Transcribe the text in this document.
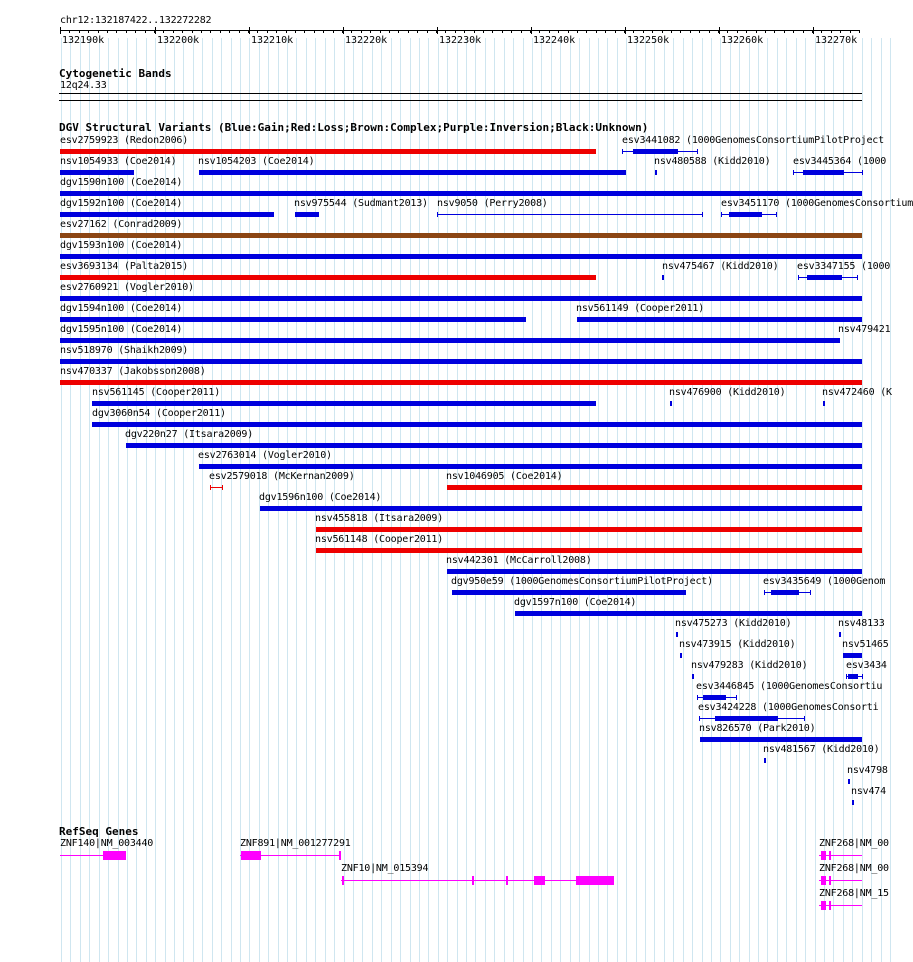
chr12:132187422..132272282
132190k	132200k	132210k	132220k	132230k	132240k	132250k	132260k	132270k
Cytogenetic Bands
12q24.33
DGV Structural Variants (Blue:Gain;Red:Loss;Brown:Complex;Purple:Inversion;Black:Unknown)
esv2759923 (Redon2006)	esv3441082 (1000GenomesConsortiumPilotProject
nsv1054933 (Coe2014) nsv1054203 (Coe2014)	nsv480588 (Kidd2010) esv3445364 (1000
dgv1590n100 (Coe2014)
dgv1592n100 (Coe2014)	nsv975544 (Sudmant2013) nsv9050 (Perry2008)	esv3451170 (1000GenomesConsortium
esv27162 (Conrad2009)
dgv1593n100 (Coe2014)
esv3693134 (Palta2015)	nsv475467 (Kidd2010) esv3347155 (1000
esv2760921 (Vogler2010)
dgv1594n100 (Coe2014)	nsv561149 (Cooper2011)
dgv1595n100 (Coe2014)	nsv479421
nsv518970 (Shaikh2009)
nsv470337 (Jakobsson2008)
nsv561145 (Cooper2011)	nsv476900 (Kidd2010)	nsv472460 (K
dgv3060n54 (Cooper2011)
dgv220n27 (Itsara2009)
esv2763014 (Vogler2010)
esv2579018 (McKernan2009)	nsv1046905 (Coe2014)
dgv1596n100 (Coe2014)
nsv455818 (Itsara2009)
nsv561148 (Cooper2011)
nsv442301 (McCarroll2008)
dgv950e59 (1000GenomesConsortiumPilotProject)	esv3435649 (1000Genom
dgv1597n100 (Coe2014)
nsv475273 (Kidd2010)	nsv48133
nsv473915 (Kidd2010)	nsv51465
nsv479283 (Kidd2010)	esv3434
esv3446845 (1000GenomesConsortiu
esv3424228 (1000GenomesConsorti
nsv826570 (Park2010)
nsv481567 (Kidd2010)
nsv4798
nsv474
RefSeq Genes
ZNF140|NM_003440	ZNF891|NM_001277291
ZNF10|NM_015394
ZNF268|NM_00
ZNF268|NM_00
ZNF268|NM_15
